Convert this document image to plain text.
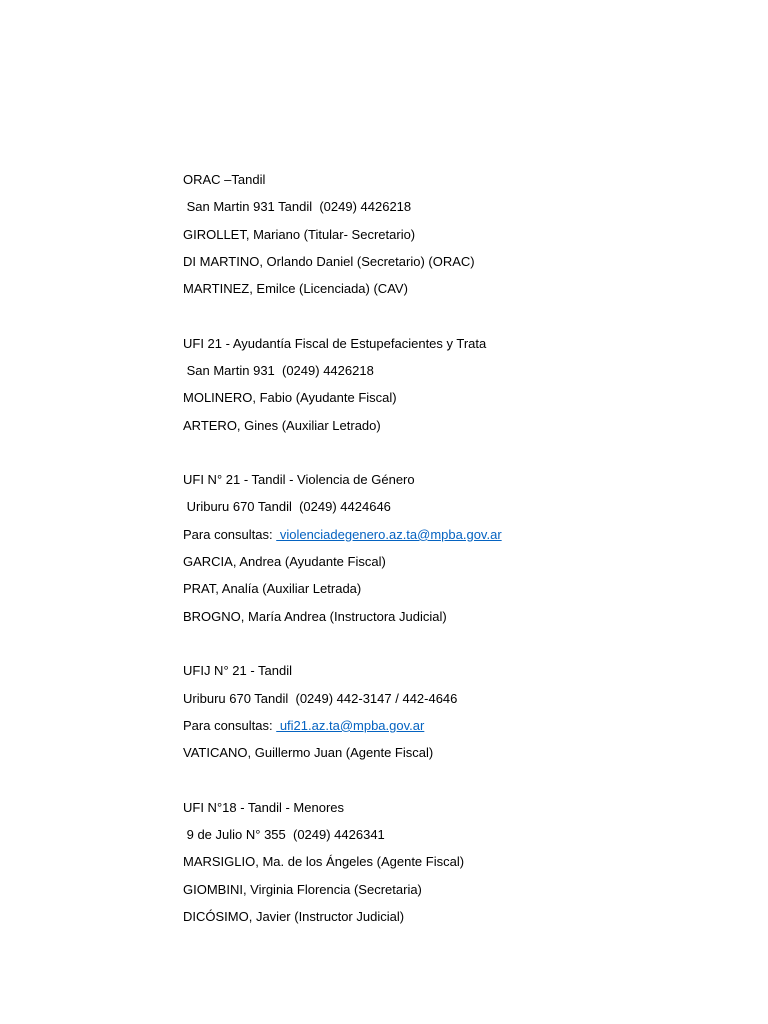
ORAC –Tandil
San Martin 931 Tandil  (0249) 4426218
GIROLLET, Mariano (Titular- Secretario)
DI MARTINO, Orlando Daniel (Secretario) (ORAC)
MARTINEZ, Emilce (Licenciada) (CAV)
UFI 21 - Ayudantía Fiscal de Estupefacientes y Trata
San Martin 931  (0249) 4426218
MOLINERO, Fabio (Ayudante Fiscal)
ARTERO, Gines (Auxiliar Letrado)
UFI N° 21 - Tandil - Violencia de Género
Uriburu 670 Tandil  (0249) 4424646
Para consultas:  violenciadegenero.az.ta@mpba.gov.ar
GARCIA, Andrea (Ayudante Fiscal)
PRAT, Analía (Auxiliar Letrada)
BROGNO, María Andrea (Instructora Judicial)
UFIJ N° 21 - Tandil
Uriburu 670 Tandil  (0249) 442-3147 / 442-4646
Para consultas:  ufi21.az.ta@mpba.gov.ar
VATICANO, Guillermo Juan (Agente Fiscal)
UFI N°18 - Tandil - Menores
9 de Julio N° 355  (0249) 4426341
MARSIGLIO, Ma. de los Ángeles (Agente Fiscal)
GIOMBINI, Virginia Florencia (Secretaria)
DICÓSIMO, Javier (Instructor Judicial)
